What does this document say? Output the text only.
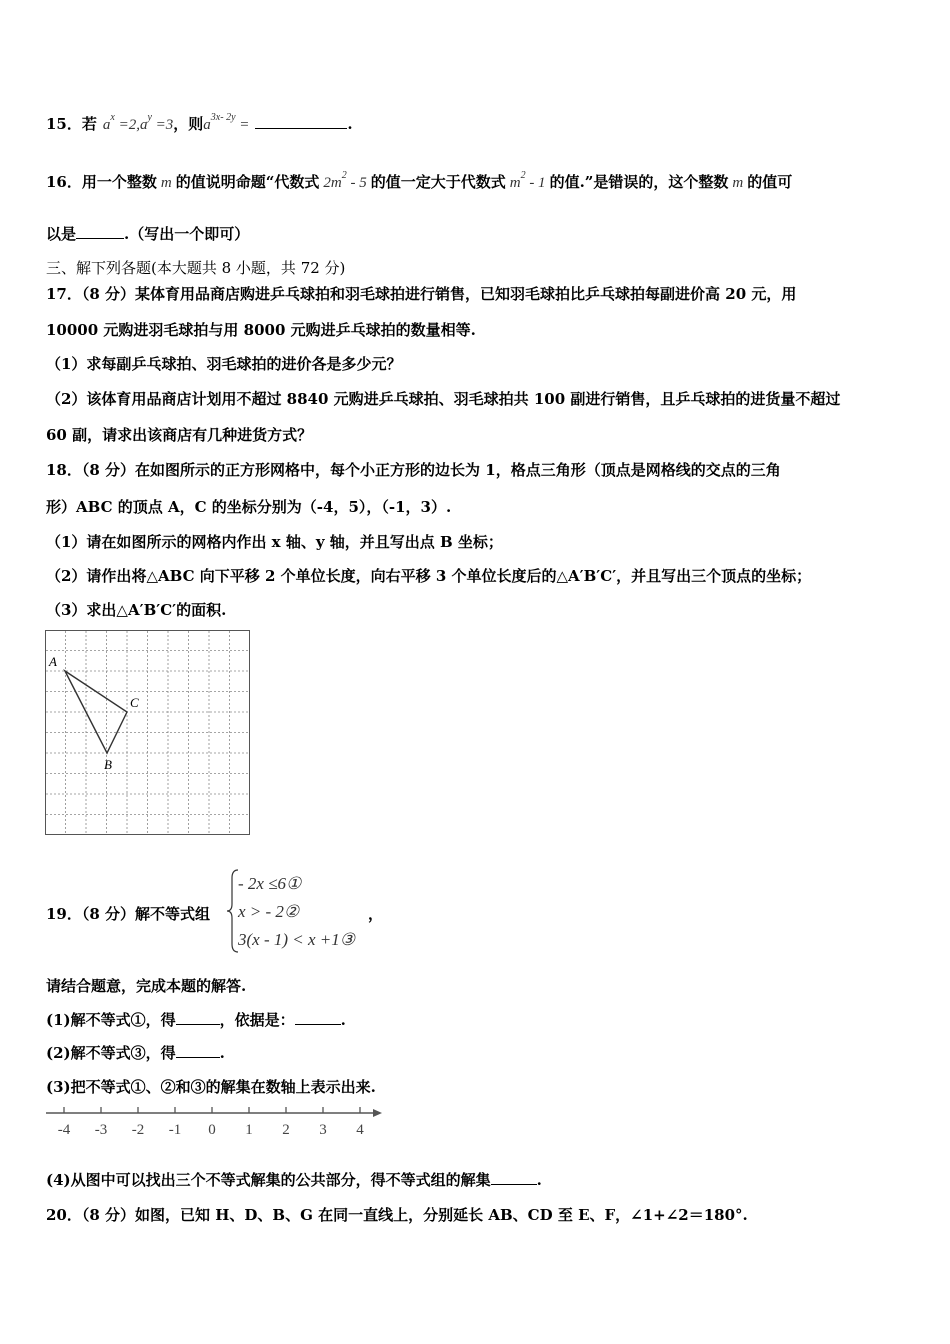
15．若 $a^x =2,a^y =3$，则$a^{3x- 2y}$ =	.
16．用一个整数 m 的值说明命题“代数式 $2m^2 - 5$ 的值一定大于代数式 $m^2 - 1$ 的值.”是错误的，这个整数 m 的值可
以是	.（写出一个即可）
三、解下列各题(本大题共 8 小题，共 72 分)
17．（8 分）某体育用品商店购进乒乓球拍和羽毛球拍进行销售，已知羽毛球拍比乒乓球拍每副进价高 20 元，用
10000 元购进羽毛球拍与用 8000 元购进乒乓球拍的数量相等.
（1）求每副乒乓球拍、羽毛球拍的进价各是多少元？
（2）该体育用品商店计划用不超过 8840 元购进乒乓球拍、羽毛球拍共 100 副进行销售，且乒乓球拍的进货量不超过
60 副，请求出该商店有几种进货方式？
18．（8 分）在如图所示的正方形网格中，每个小正方形的边长为 1，格点三角形（顶点是网格线的交点的三角
形）ABC 的顶点 A，C 的坐标分别为（-4，5），（-1，3）.
（1）请在如图所示的网格内作出 x 轴、y 轴，并且写出点 B 坐标；
（2）请作出将△ABC 向下平移 2 个单位长度，向右平移 3 个单位长度后的△A′B′C′，并且写出三个顶点的坐标；
（3）求出△A′B′C′的面积.
A
C
B
19．（8 分）解不等式组
- 2x ≤6①
x > - 2②
3(x - 1) < x +1③
，
请结合题意，完成本题的解答.
(1)解不等式①，得	，依据是：	.
(2)解不等式③，得	.
(3)把不等式①、②和③的解集在数轴上表示出来.
-4 -3 -2 -1 0 1 2 3 4
(4)从图中可以找出三个不等式解集的公共部分，得不等式组的解集	.
20．（8 分）如图，已知 H、D、B、G 在同一直线上，分别延长 AB、CD 至 E、F，∠1+∠2＝180°.
